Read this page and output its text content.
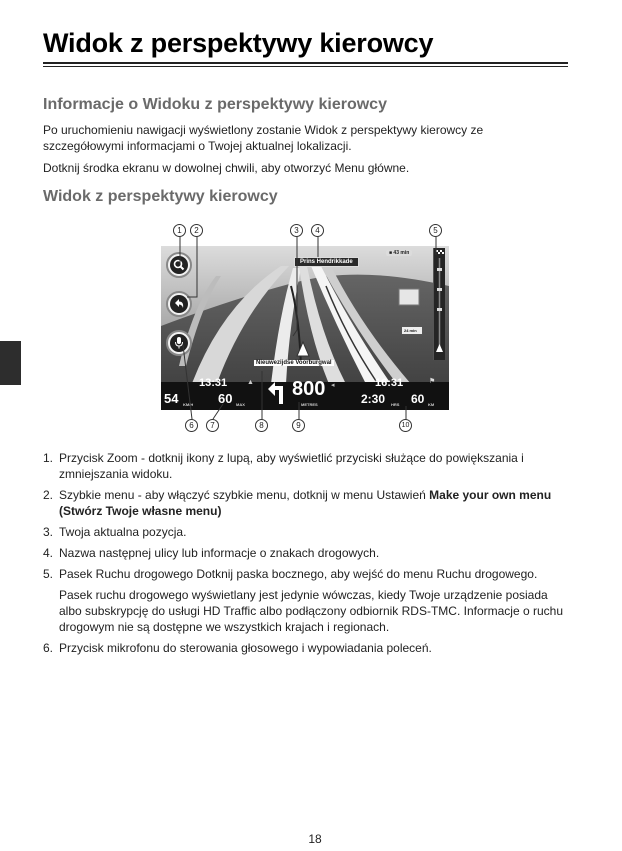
Widok z perspektywy kierowcy
Informacje o Widoku z perspektywy kierowcy

Po uruchomieniu nawigacji wyświetlony zostanie Widok z perspektywy kierowcy ze szczegółowymi informacjami o Twojej aktualnej lokalizacji.

Dotknij środka ekranu w dowolnej chwili, aby otworzyć Menu główne.

Widok z perspektywy kierowcy
Prins Hendrikkade
Nieuwezijdse Voorburgwal
■ 43 min
24 min
54 KM/H 60 MAX
13:31	▲ 800
METRES
◂	16:31	⚑
2:30 HRS 60 KM
1	2	3	4	5
6	7	8	9	10
1. Przycisk Zoom - dotknij ikony z lupą, aby wyświetlić przyciski służące do powiększania i zmniejszania widoku.
2. Szybkie menu - aby włączyć szybkie menu, dotknij w menu Ustawień Make your own menu (Stwórz Twoje własne menu)
3. Twoja aktualna pozycja.
4. Nazwa następnej ulicy lub informacje o znakach drogowych.
5. Pasek Ruchu drogowego Dotknij paska bocznego, aby wejść do menu Ruchu drogowego.

Pasek ruchu drogowego wyświetlany jest jedynie wówczas, kiedy Twoje urządzenie posiada albo subskrypcję do usługi HD Traffic albo podłączony odbiornik RDS-TMC. Informacje o ruchu drogowym nie są dostępne we wszystkich krajach i regionach.

6. Przycisk mikrofonu do sterowania głosowego i wypowiadania poleceń.
18
